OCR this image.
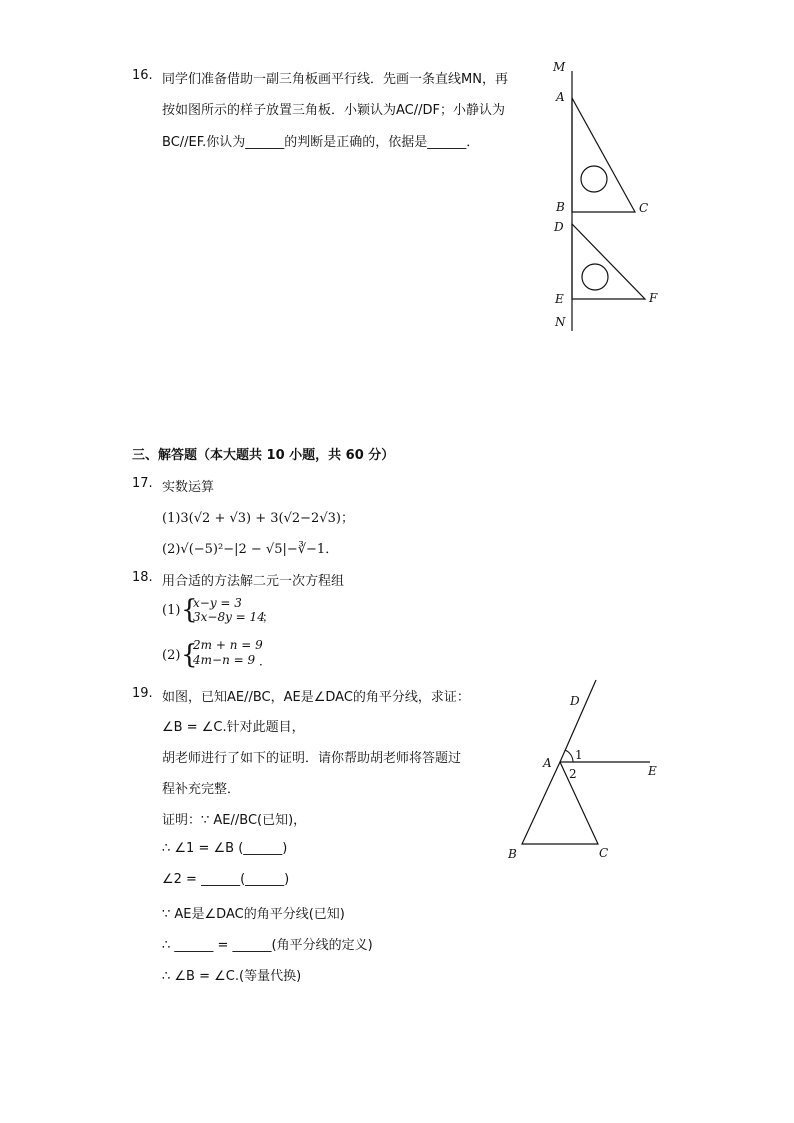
16. 同学们准备借助一副三角板画平行线．先画一条直线MN，再
按如图所示的样子放置三角板．小颖认为AC//DF；小静认为
BC//EF.你认为______的判断是正确的，依据是______．
M
A
B	C
D
E	F
N
三、解答题（本大题共 10 小题，共 60 分）
17. 实数运算
(1)3(√2 + √3) + 3(√2−2√3)；
(2)√(−5)²−|2 − √5|−∛−1．
18. 用合适的方法解二元一次方程组
(1) {
x−y = 3
3x−8y = 14
；
(2) {
2m + n = 9
4m−n = 9 ．
19. 如图，已知AE//BC，AE是∠DAC的角平分线，求证：
∠B = ∠C.针对此题目，
胡老师进行了如下的证明．请你帮助胡老师将答题过
程补充完整．
证明：∵ AE//BC(已知)，
∴ ∠1 = ∠B (______)
∠2 = ______(______)
∵ AE是∠DAC的角平分线(已知)
∴ ______ = ______(角平分线的定义)
∴ ∠B = ∠C.(等量代换)
D
A
E
B	C
1
2
